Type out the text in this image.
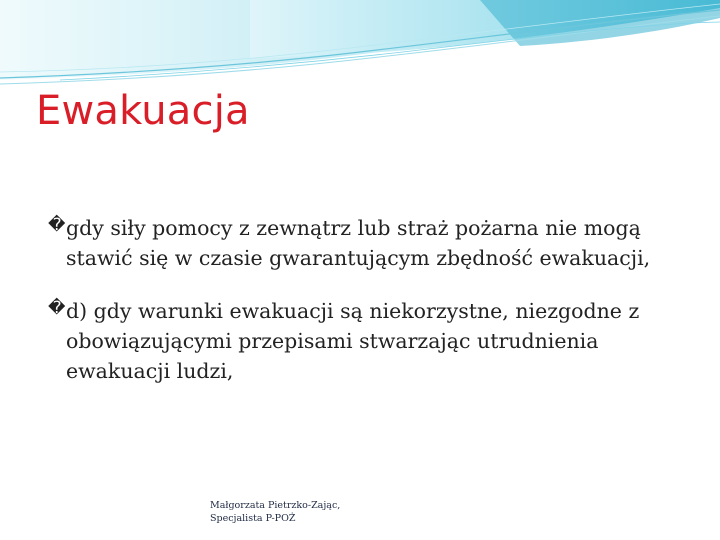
Ewakuacja
� gdy siły pomocy z zewnątrz lub straż pożarna nie mogą stawić się w czasie gwarantującym zbędność ewakuacji,
� d) gdy warunki ewakuacji są niekorzystne, niezgodne z obowiązującymi przepisami stwarzając utrudnienia ewakuacji ludzi,
Małgorzata Pietrzko-Zając,
Specjalista P-POŻ
